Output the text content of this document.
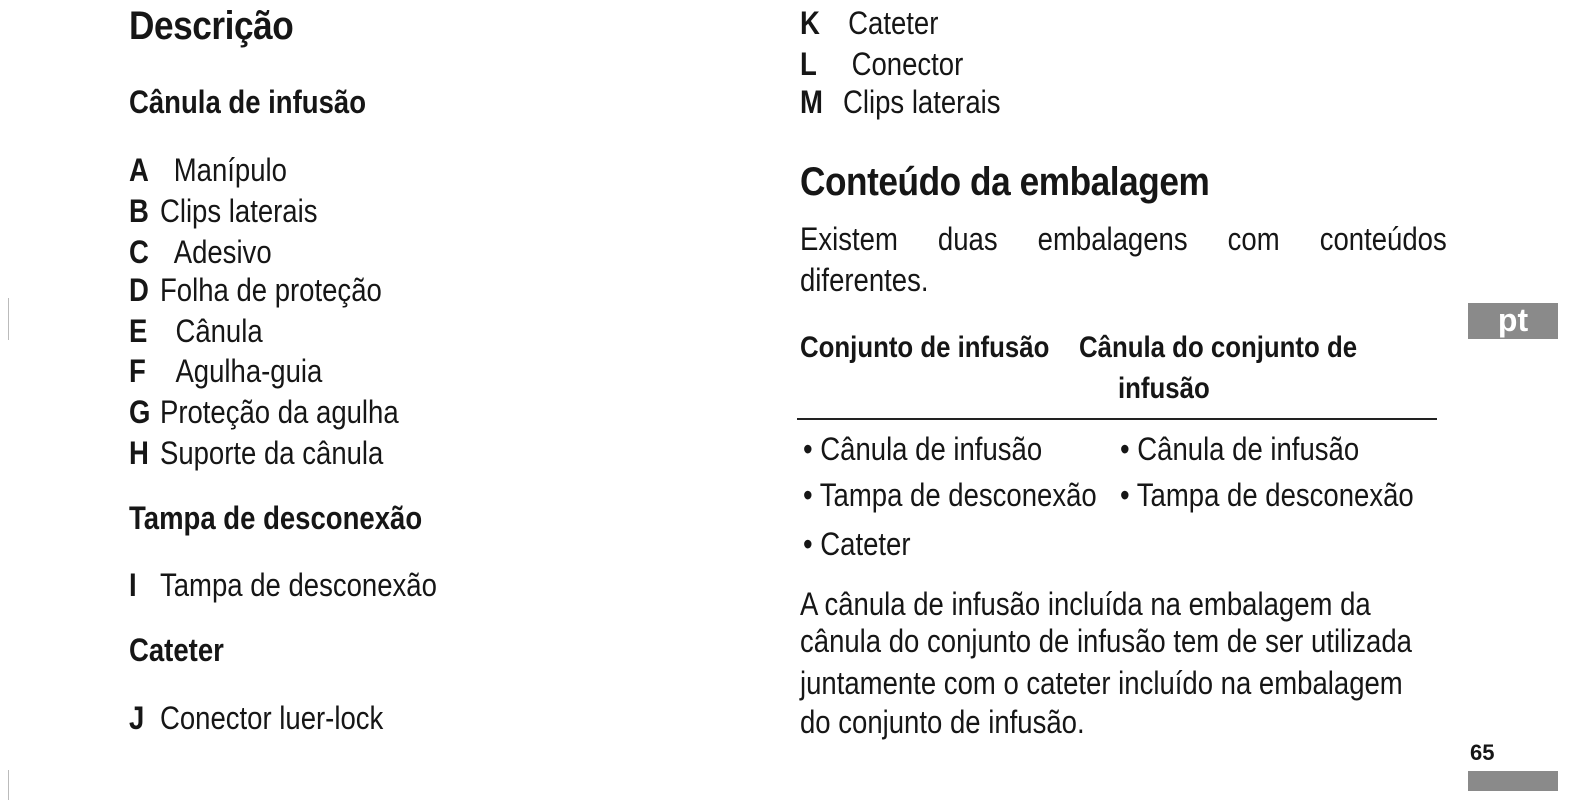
Descrição
Cânula de infusão
A Manípulo
B Clips laterais
C Adesivo
D Folha de proteção
E Cânula
F Agulha-guia
G Proteção da agulha
H Suporte da cânula
Tampa de desconexão
I Tampa de desconexão
Cateter
J Conector luer-lock
K Cateter
L Conector
M Clips laterais
Conteúdo da embalagem
Existem duas embalagens com conteúdos
diferentes.
Conjunto de infusão Cânula do conjunto de
infusão
• Cânula de infusão
• Tampa de desconexão
• Cateter
• Cânula de infusão
• Tampa de desconexão
A cânula de infusão incluída na embalagem da
cânula do conjunto de infusão tem de ser utilizada
juntamente com o cateter incluído na embalagem
do conjunto de infusão.
pt
65
